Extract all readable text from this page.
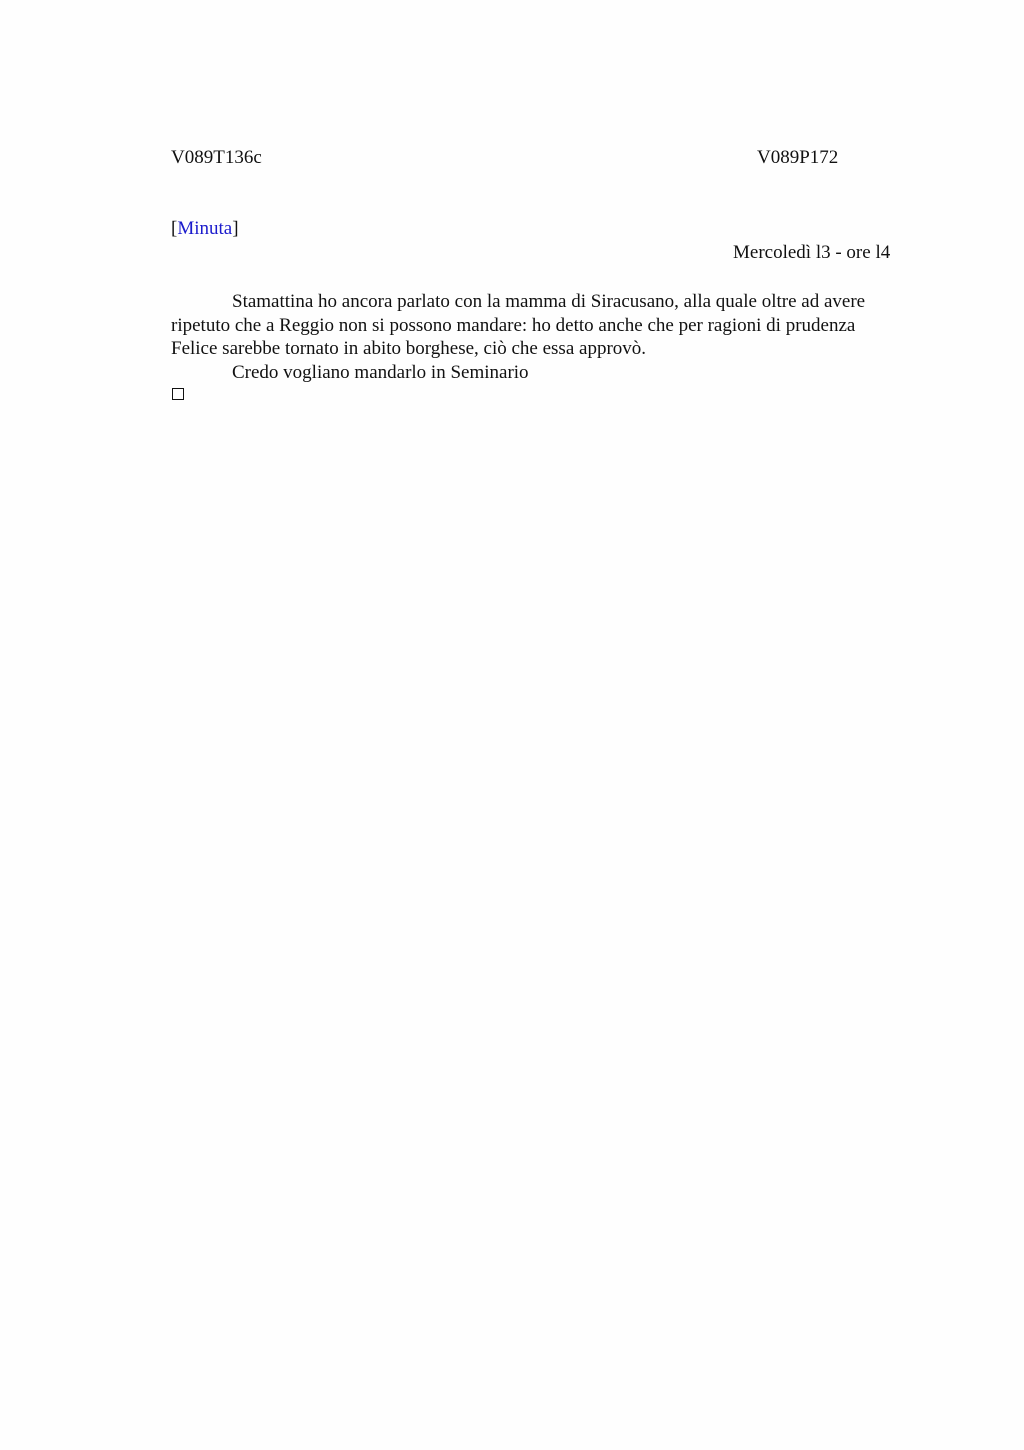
V089T136c	V089P172
[Minuta]
Mercoledì l3 - ore l4
Stamattina ho ancora parlato con la mamma di Siracusano, alla quale oltre ad avere
ripetuto che a Reggio non si possono mandare: ho detto anche che per ragioni di prudenza
Felice sarebbe tornato in abito borghese, ciò che essa approvò.
Credo vogliano mandarlo in Seminario
